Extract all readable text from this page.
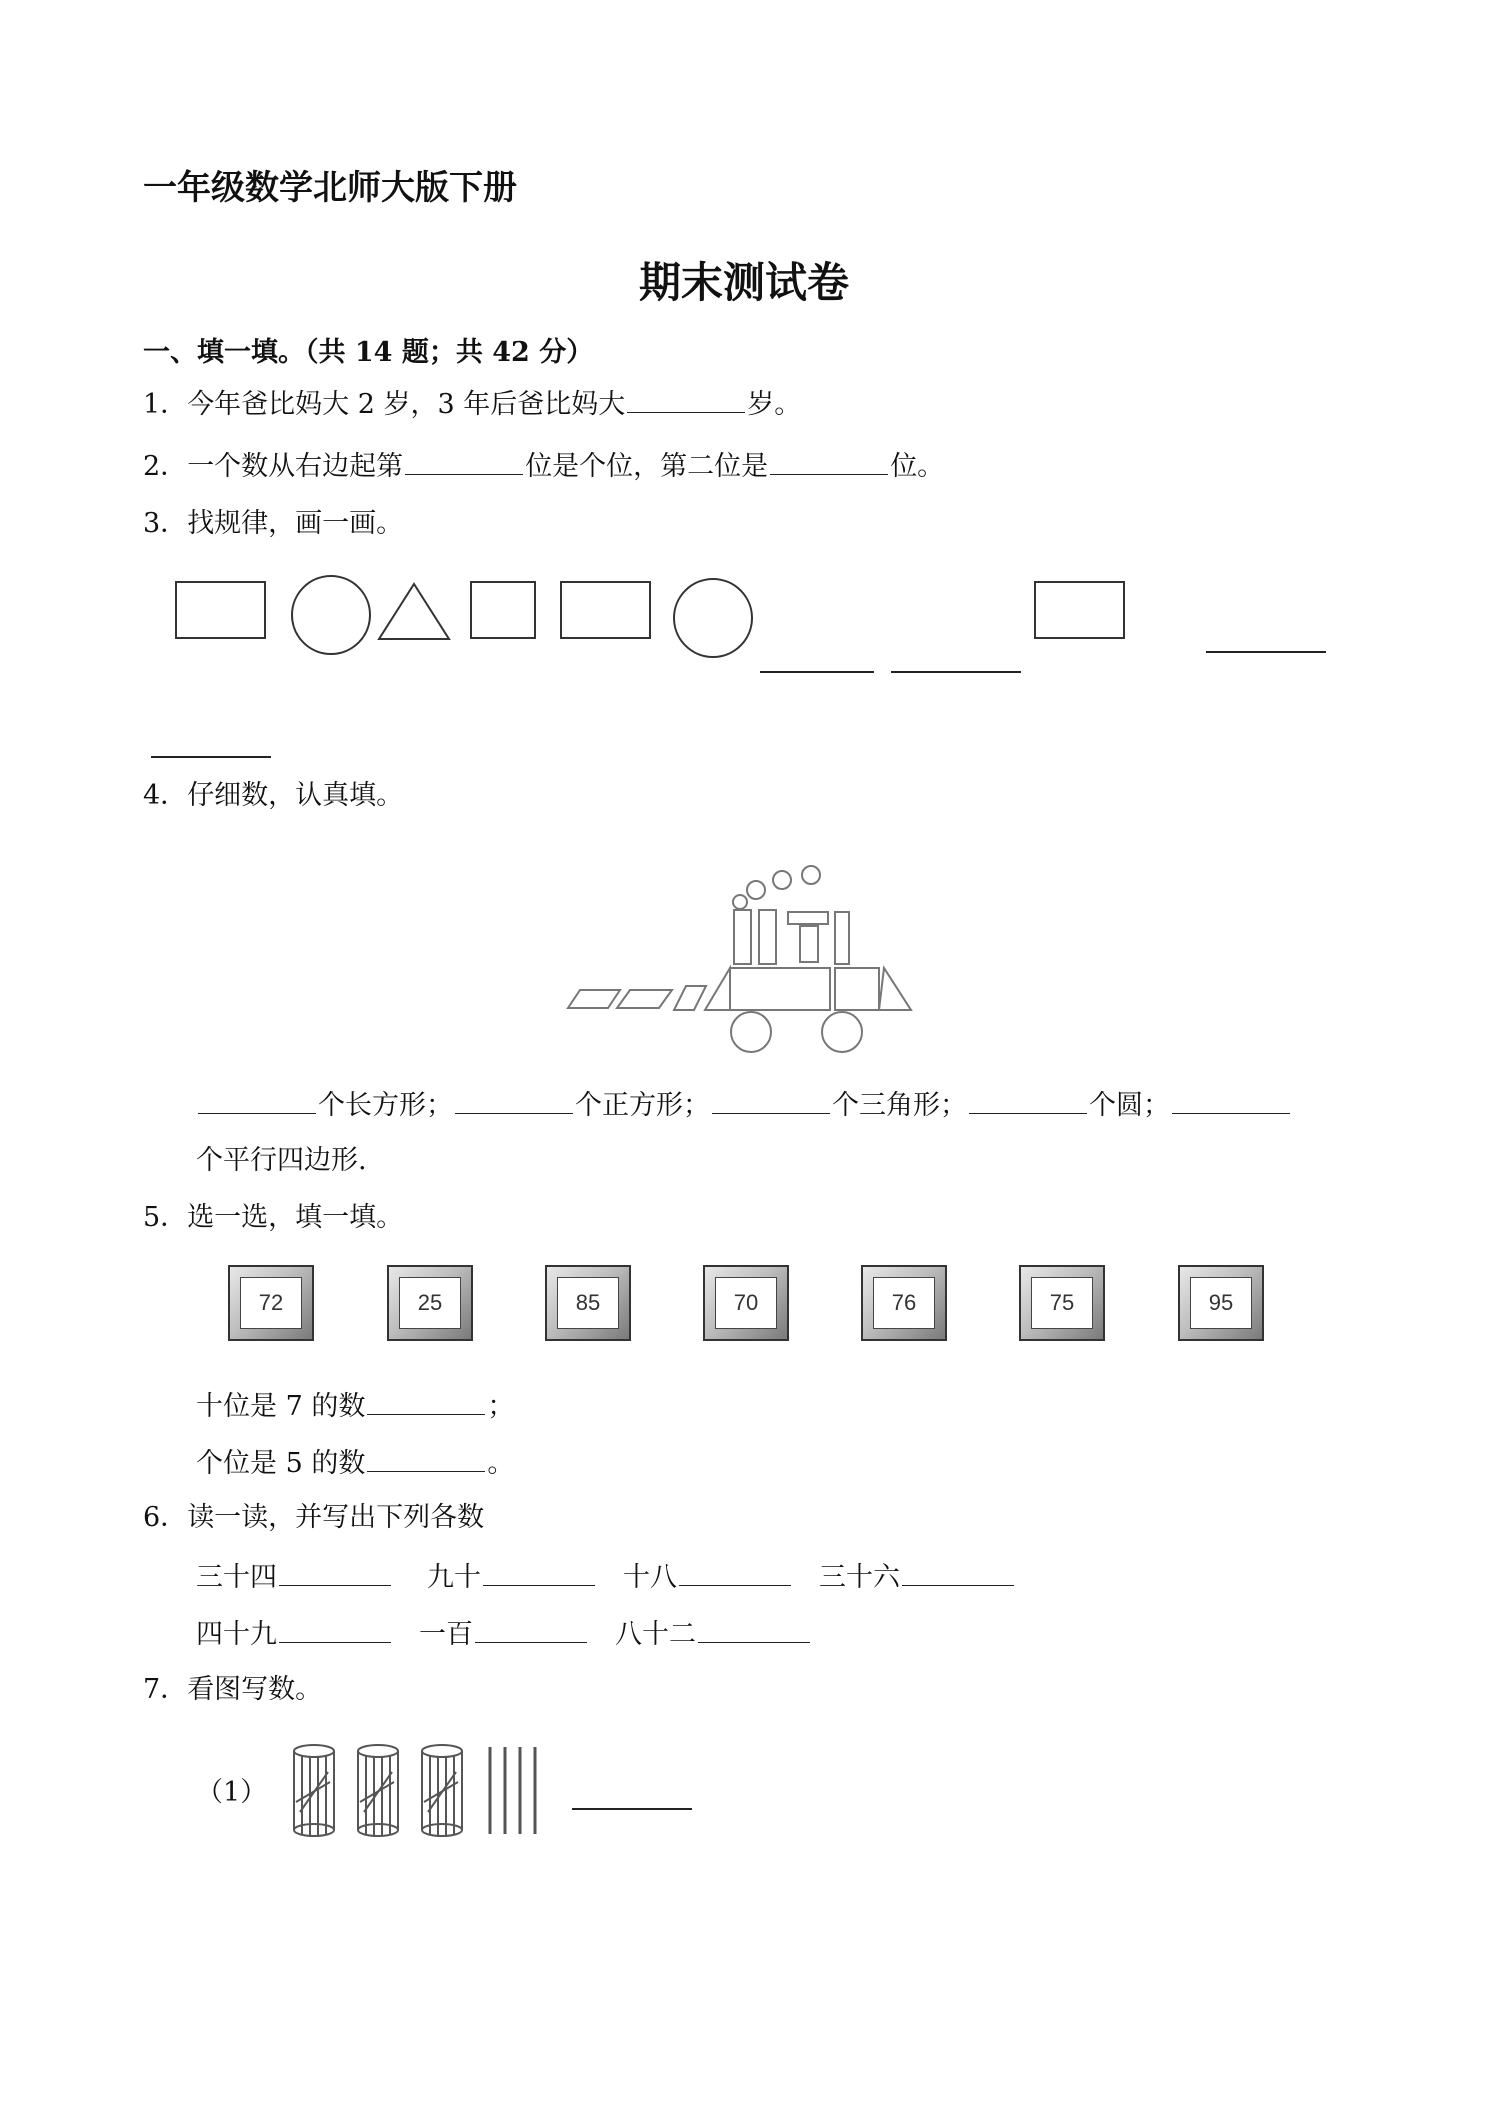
一年级数学北师大版下册
期末测试卷
一、填一填。（共 14 题；共 42 分）
1．今年爸比妈大 2 岁，3 年后爸比妈大	岁。
2．一个数从右边起第	位是个位，第二位是	位。
3．找规律，画一画。
4．仔细数，认真填。
个长方形；	个正方形；	个三角形；	个圆；
个平行四边形.
5．选一选，填一填。
72	25	85	70	76	75	95
十位是 7 的数	；
个位是 5 的数	。
6．读一读，并写出下列各数
三十四	九十	十八	三十六
四十九	一百	八十二
7．看图写数。
（1）
